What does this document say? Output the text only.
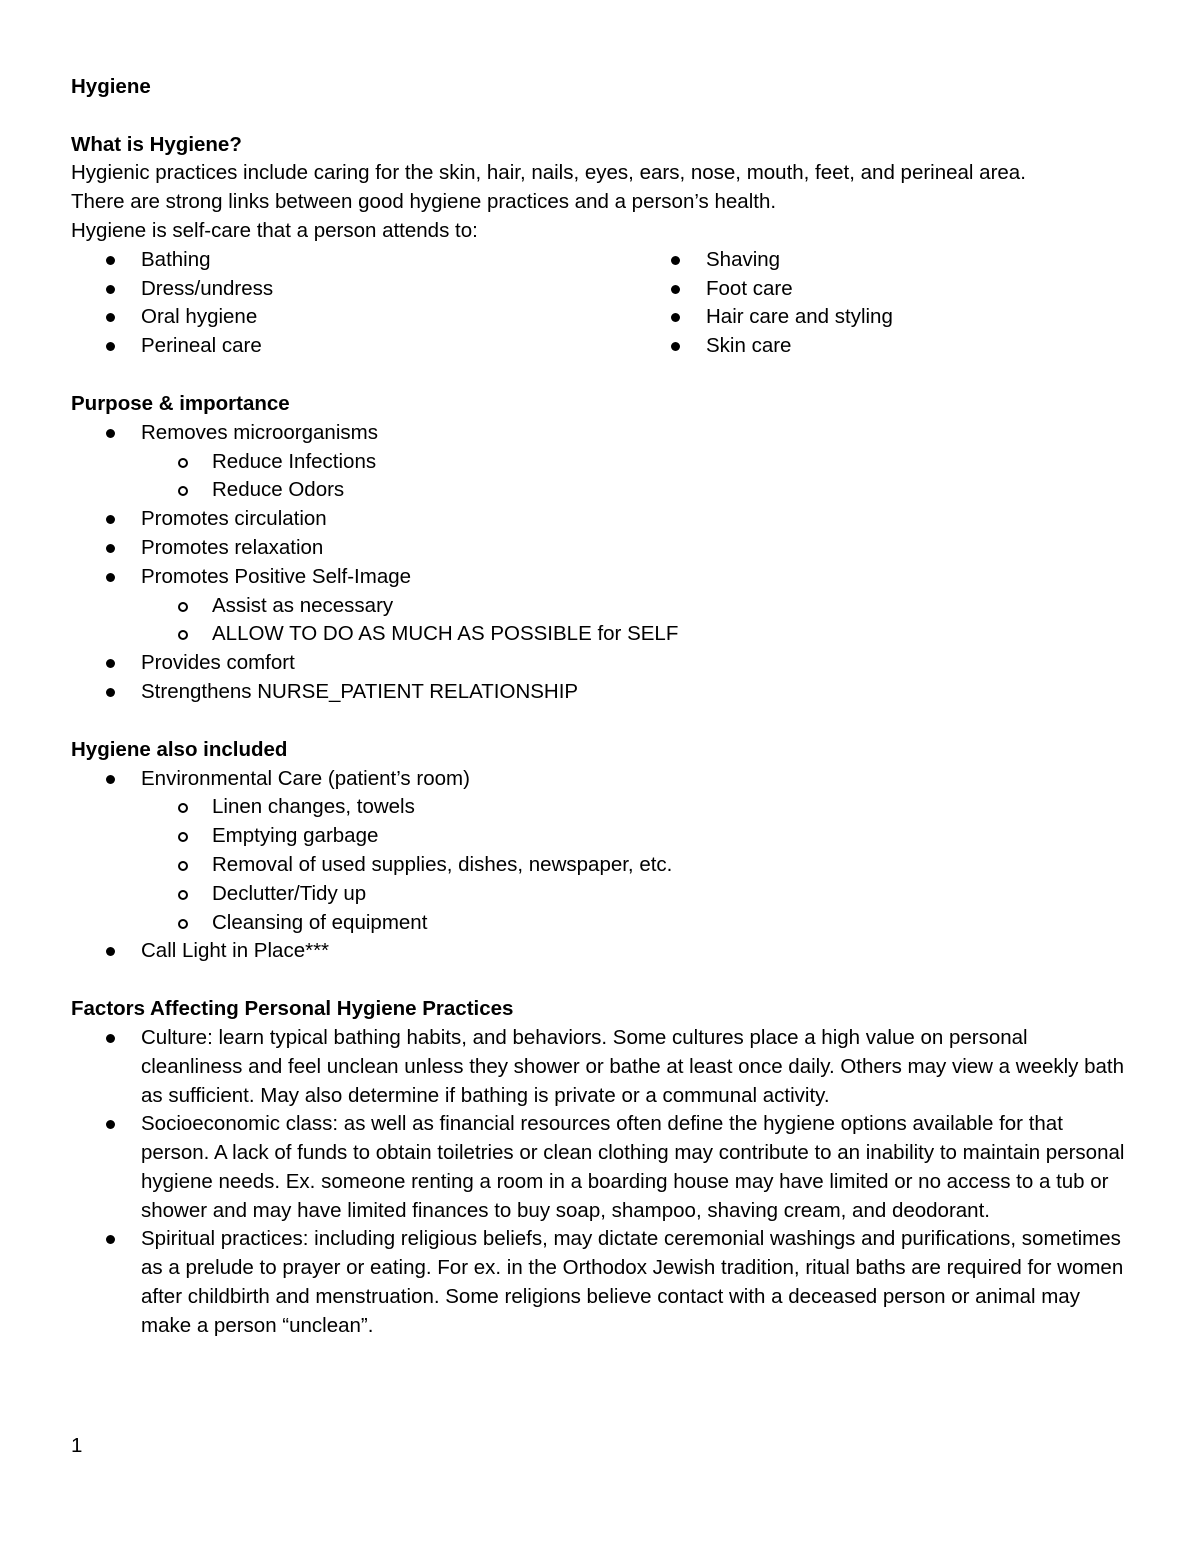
Hygiene

What is Hygiene?

Hygienic practices include caring for the skin, hair, nails, eyes, ears, nose, mouth, feet, and perineal area.

There are strong links between good hygiene practices and a person’s health.

Hygiene is self-care that a person attends to:

Bathing
Dress/undress
Oral hygiene
Perineal care
Shaving
Foot care
Hair care and styling
Skin care

Purpose & importance

Removes microorganisms
Reduce Infections
Reduce Odors
Promotes circulation
Promotes relaxation
Promotes Positive Self-Image
Assist as necessary
ALLOW TO DO AS MUCH AS POSSIBLE for SELF
Provides comfort
Strengthens NURSE_PATIENT RELATIONSHIP

Hygiene also included

Environmental Care (patient’s room)
Linen changes, towels
Emptying garbage
Removal of used supplies, dishes, newspaper, etc.
Declutter/Tidy up
Cleansing of equipment
Call Light in Place***

Factors Affecting Personal Hygiene Practices

Culture: learn typical bathing habits, and behaviors. Some cultures place a high value on personal cleanliness and feel unclean unless they shower or bathe at least once daily. Others may view a weekly bath as sufficient. May also determine if bathing is private or a communal activity.
Socioeconomic class: as well as financial resources often define the hygiene options available for that person. A lack of funds to obtain toiletries or clean clothing may contribute to an inability to maintain personal hygiene needs. Ex. someone renting a room in a boarding house may have limited or no access to a tub or shower and may have limited finances to buy soap, shampoo, shaving cream, and deodorant.
Spiritual practices: including religious beliefs, may dictate ceremonial washings and purifications, sometimes as a prelude to prayer or eating. For ex. in the Orthodox Jewish tradition, ritual baths are required for women after childbirth and menstruation. Some religions believe contact with a deceased person or animal may make a person “unclean”.
1
